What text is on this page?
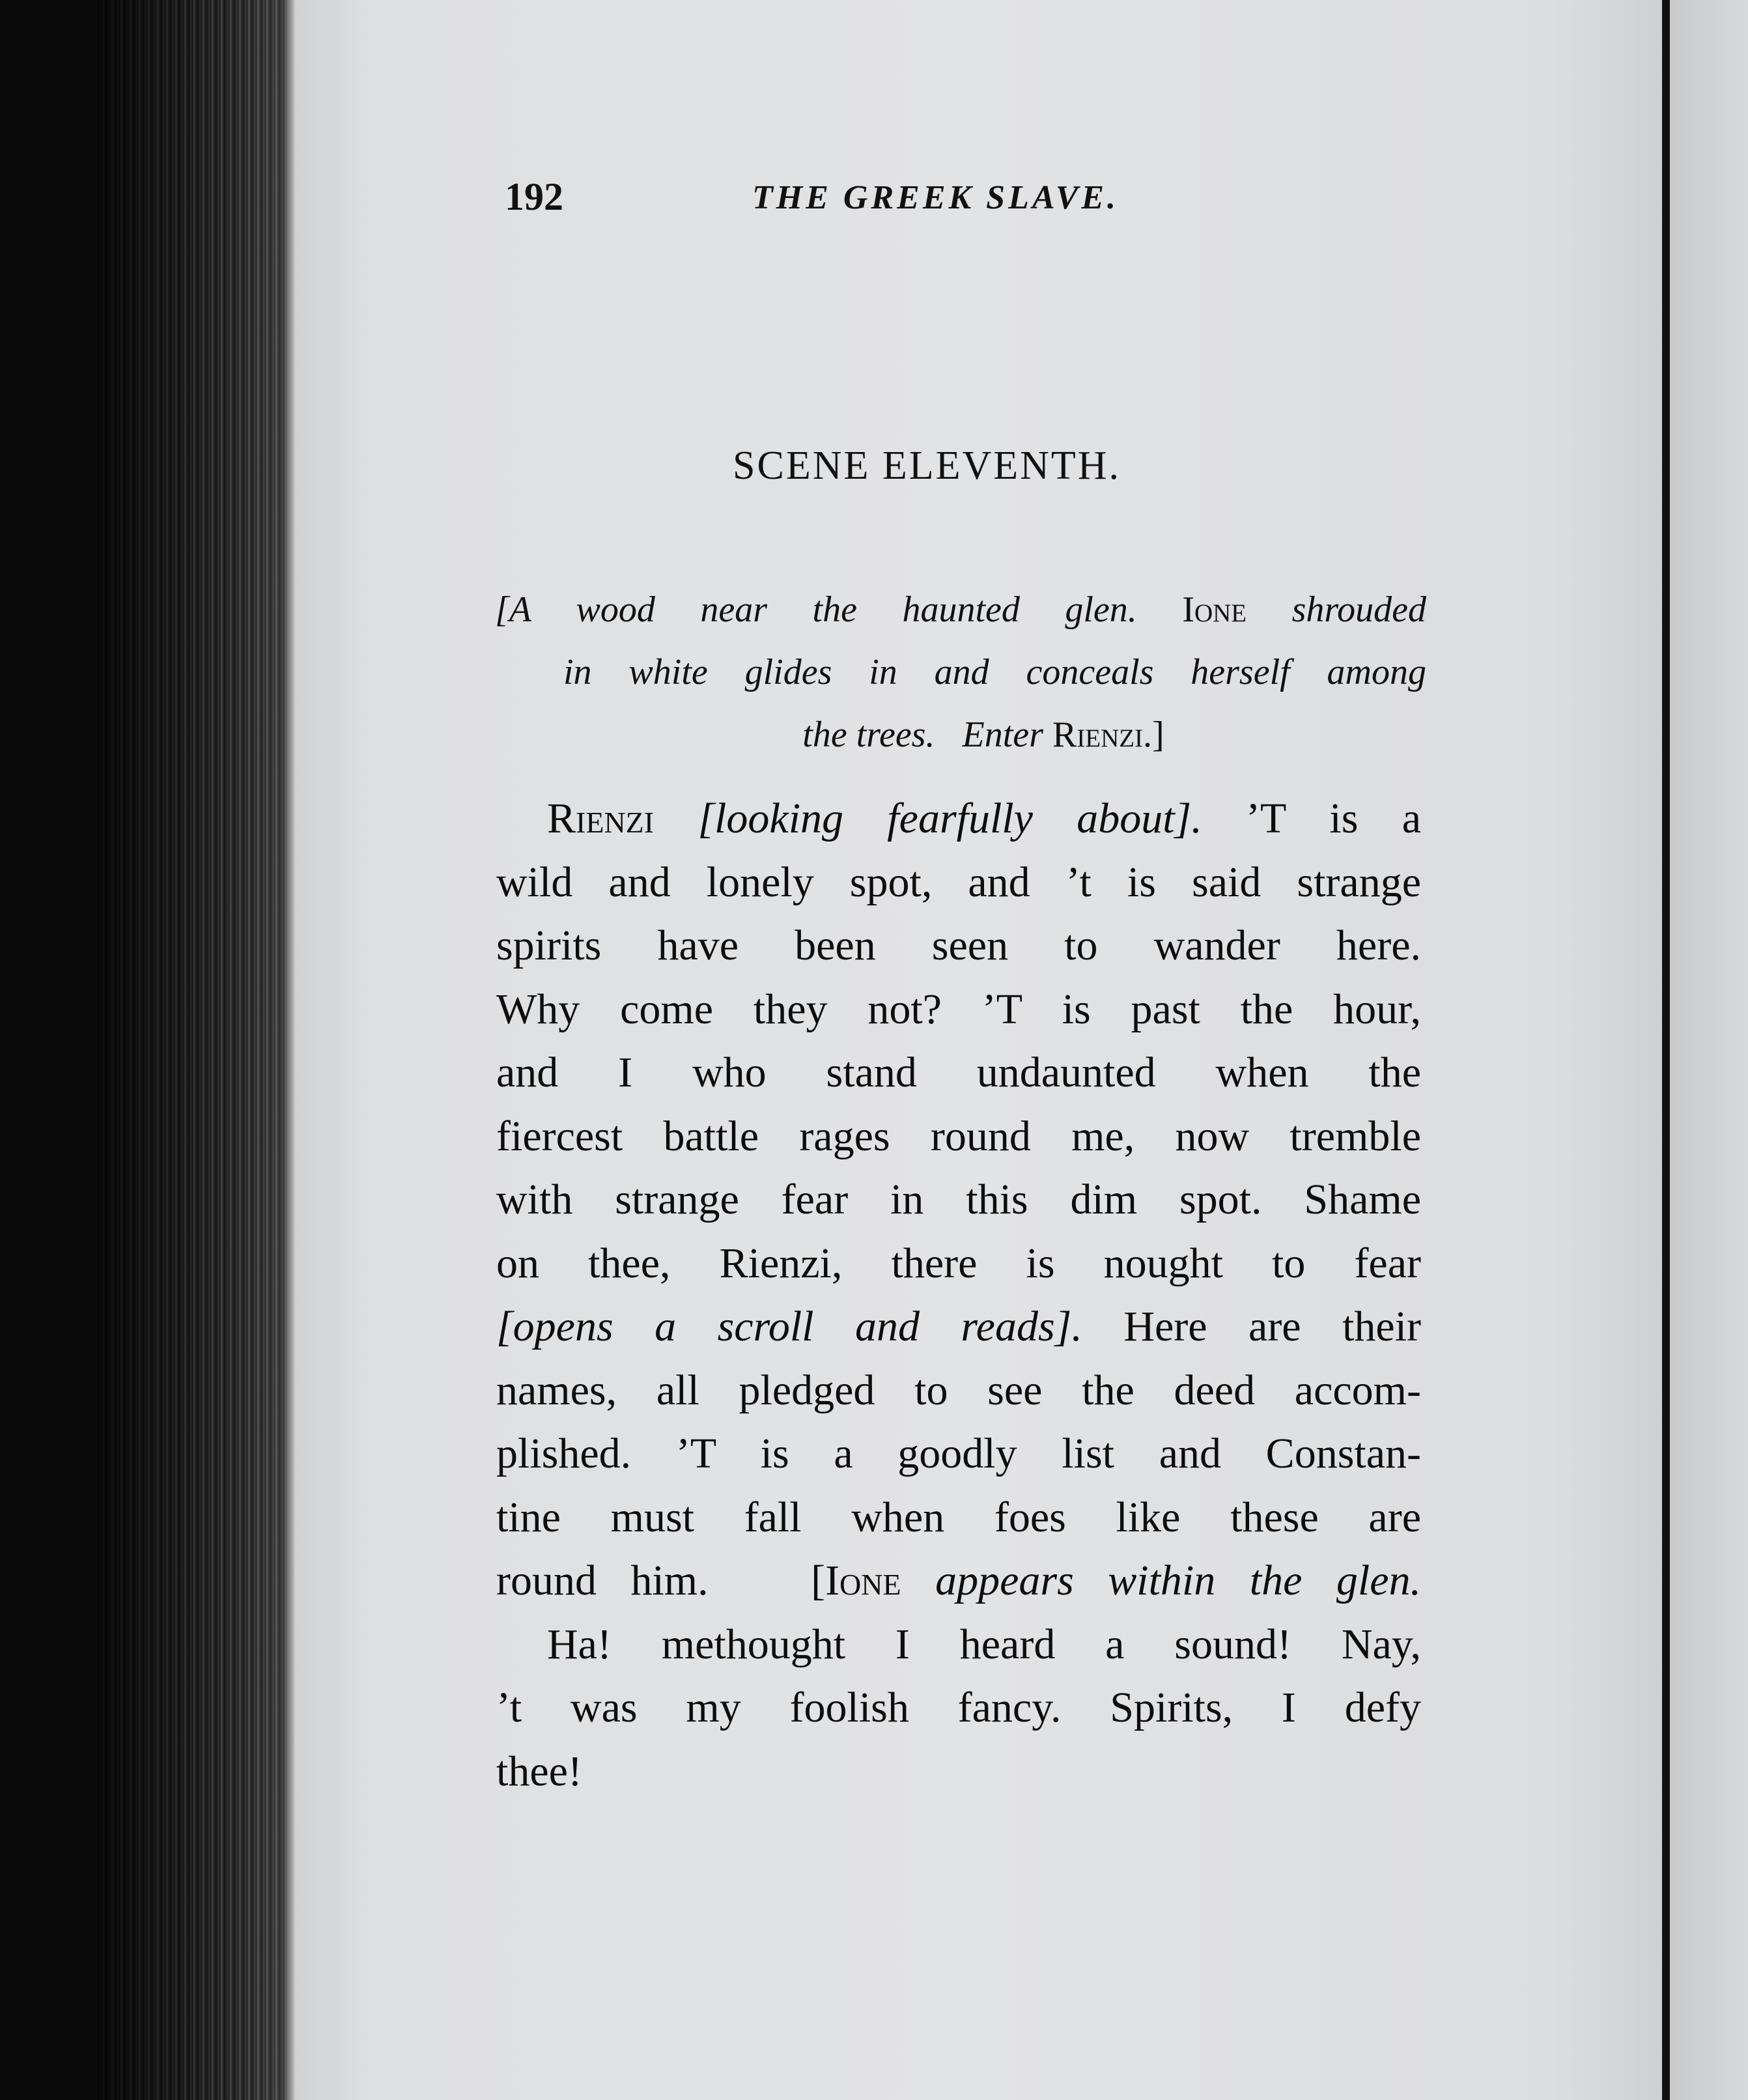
192	THE GREEK SLAVE.
SCENE ELEVENTH.
[A wood near the haunted glen. Ione shrouded
in white glides in and conceals herself among
the trees. Enter Rienzi.]
Rienzi [looking fearfully about]. ’T is a
wild and lonely spot, and ’t is said strange
spirits have been seen to wander here.
Why come they not? ’T is past the hour,
and I who stand undaunted when the
fiercest battle rages round me, now tremble
with strange fear in this dim spot. Shame
on thee, Rienzi, there is nought to fear
[opens a scroll and reads]. Here are their
names, all pledged to see the deed accom-
plished. ’T is a goodly list and Constan-
tine must fall when foes like these are
round him. [Ione appears within the glen.
Ha! methought I heard a sound! Nay,
’t was my foolish fancy. Spirits, I defy
thee!
